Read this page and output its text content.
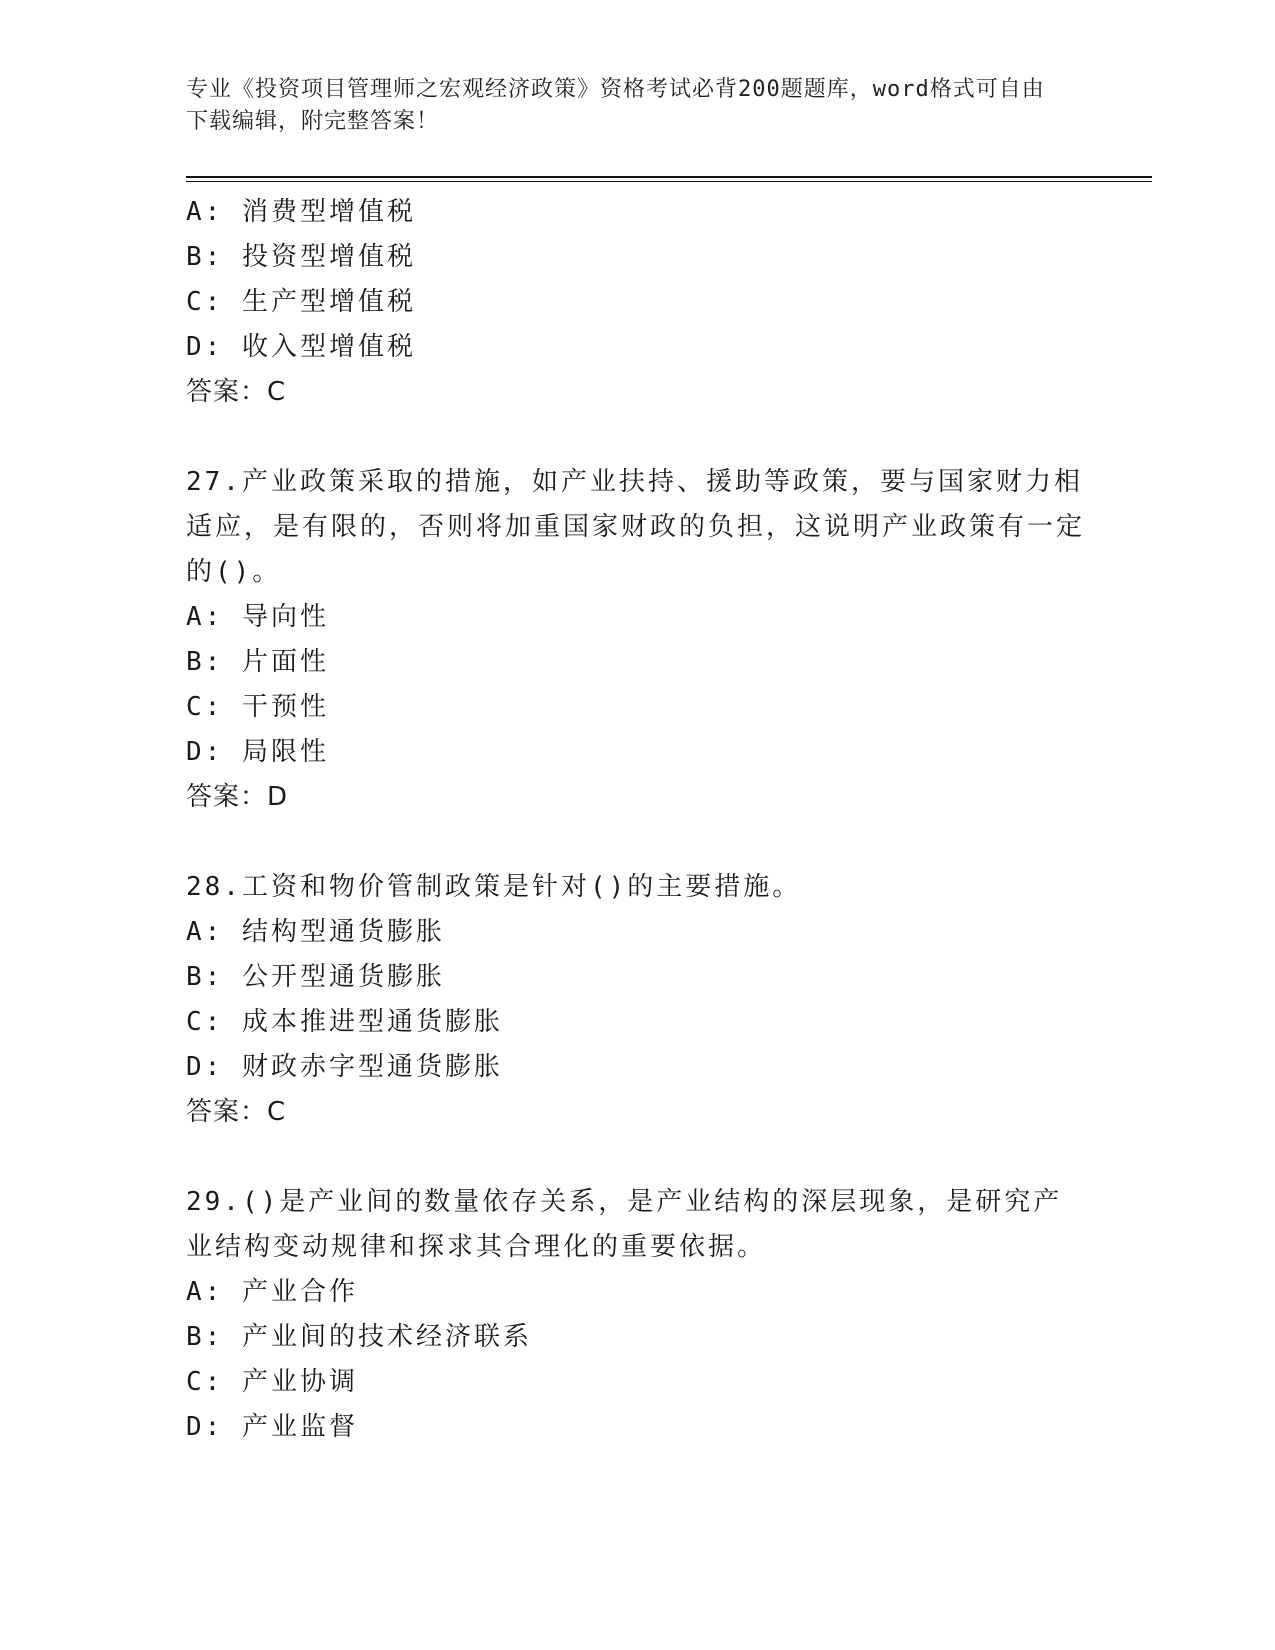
专业《投资项目管理师之宏观经济政策》资格考试必背200题题库，word格式可自由下载编辑，附完整答案！
A: 消费型增值税
B: 投资型增值税
C: 生产型增值税
D: 收入型增值税
答案：C
27.产业政策采取的措施，如产业扶持、援助等政策，要与国家财力相适应，是有限的，否则将加重国家财政的负担，这说明产业政策有一定的()。
A: 导向性
B: 片面性
C: 干预性
D: 局限性
答案：D
28.工资和物价管制政策是针对()的主要措施。
A: 结构型通货膨胀
B: 公开型通货膨胀
C: 成本推进型通货膨胀
D: 财政赤字型通货膨胀
答案：C
29.()是产业间的数量依存关系，是产业结构的深层现象，是研究产业结构变动规律和探求其合理化的重要依据。
A: 产业合作
B: 产业间的技术经济联系
C: 产业协调
D: 产业监督
